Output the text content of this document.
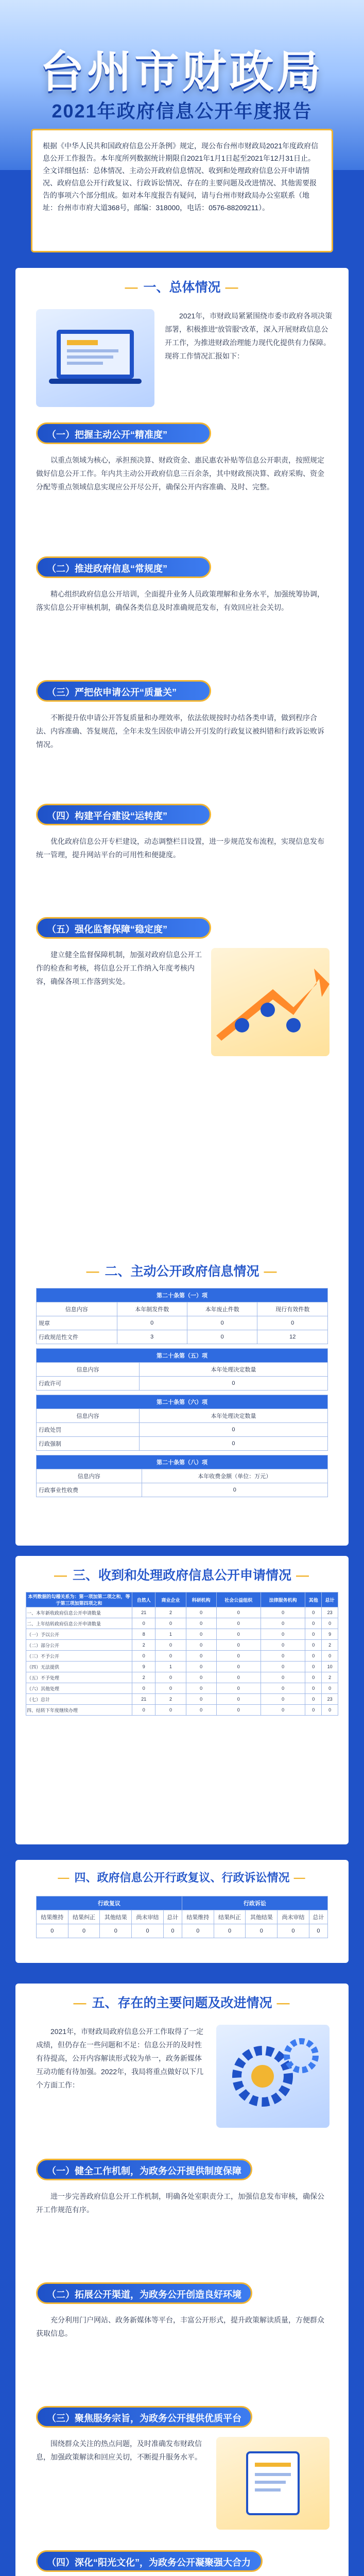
台州市财政局
2021年政府信息公开年度报告
根据《中华人民共和国政府信息公开条例》规定，现公布台州市财政局2021年度政府信息公开工作报告。本年度所列数据统计期限自2021年1月1日起至2021年12月31日止。全文详细包括：总体情况、主动公开政府信息情况、收到和处理政府信息公开申请情况、政府信息公开行政复议、行政诉讼情况、存在的主要问题及改进情况、其他需要报告的事项六个部分组成。如对本年度报告有疑问，请与台州市财政局办公室联系（地址：台州市市府大道368号，邮编：318000，电话：0576-88209211）。
— 一、总体情况 —
2021年，市财政局紧紧围绕市委市政府各项决策部署，积极推进“放管服”改革，深入开展财政信息公开工作，为推进财政治理能力现代化提供有力保障。现将工作情况汇报如下：
（一）把握主动公开“精准度”
以重点领域为核心，承担预决算、财政资金、惠民惠农补贴等信息公开职责，按照规定做好信息公开工作。年内共主动公开政府信息三百余条，其中财政预决算、政府采购、资金分配等重点领域信息实现应公开尽公开，确保公开内容准确、及时、完整。
（二）推进政府信息“常规度”
精心组织政府信息公开培训，全面提升业务人员政策理解和业务水平，加强统筹协调，落实信息公开审核机制，确保各类信息及时准确规范发布，有效回应社会关切。
（三）严把依申请公开“质量关”
不断提升依申请公开答复质量和办理效率，依法依规按时办结各类申请，做到程序合法、内容准确、答复规范，全年未发生因依申请公开引发的行政复议被纠错和行政诉讼败诉情况。
（四）构建平台建设“运转度”
优化政府信息公开专栏建设，动态调整栏目设置，进一步规范发布流程，实现信息发布统一管理，提升网站平台的可用性和便捷度。
（五）强化监督保障“稳定度”
建立健全监督保障机制，加强对政府信息公开工作的检查和考核，将信息公开工作纳入年度考核内容，确保各项工作落到实处。
— 二、主动公开政府信息情况 —
第二十条第（一）项			
信息内容	本年制发件数	本年废止件数	现行有效件数
规章	0	0	0
行政规范性文件	3	0	12
第二十条第（五）项	
信息内容	本年处理决定数量
行政许可	0
第二十条第（六）项	
信息内容	本年处理决定数量
行政处罚	0
行政强制	0
第二十条第（八）项	
信息内容	本年收费金额（单位：万元）
行政事业性收费	0
— 三、收到和处理政府信息公开申请情况 —
本列数据的勾稽关系为：第一项加第二项之和，等于第三项加第四项之和	自然人	商业企业	科研机构	社会公益组织	法律服务机构	其他	总计
一、本年新收政府信息公开申请数量	21	2	0	0	0	0	23
二、上年结转政府信息公开申请数量	0	0	0	0	0	0	0
（一）予以公开	8	1	0	0	0	0	9
（二）部分公开	2	0	0	0	0	0	2
（三）不予公开	0	0	0	0	0	0	0
（四）无法提供	9	1	0	0	0	0	10
（五）不予处理	2	0	0	0	0	0	2
（六）其他处理	0	0	0	0	0	0	0
（七）总计	21	2	0	0	0	0	23
四、结转下年度继续办理	0	0	0	0	0	0	0
— 四、政府信息公开行政复议、行政诉讼情况 —
行政复议					行政诉讼				
结果维持	结果纠正	其他结果	尚未审结	总计	结果维持	结果纠正	其他结果	尚未审结	总计
0	0	0	0	0	0	0	0	0	0
— 五、存在的主要问题及改进情况 —
2021年，市财政局政府信息公开工作取得了一定成绩，但仍存在一些问题和不足：信息公开的及时性有待提高，公开内容解读形式较为单一，政务新媒体互动功能有待加强。2022年，我局将重点做好以下几个方面工作：
（一）健全工作机制，为政务公开提供制度保障
进一步完善政府信息公开工作机制，明确各处室职责分工，加强信息发布审核，确保公开工作规范有序。
（二）拓展公开渠道，为政务公开创造良好环境
充分利用门户网站、政务新媒体等平台，丰富公开形式，提升政策解读质量，方便群众获取信息。
（三）聚焦服务宗旨，为政务公开提供优质平台
围绕群众关注的热点问题，及时准确发布财政信息，加强政策解读和回应关切，不断提升服务水平。
（四）深化“阳光文化”，为政务公开凝聚强大合力
